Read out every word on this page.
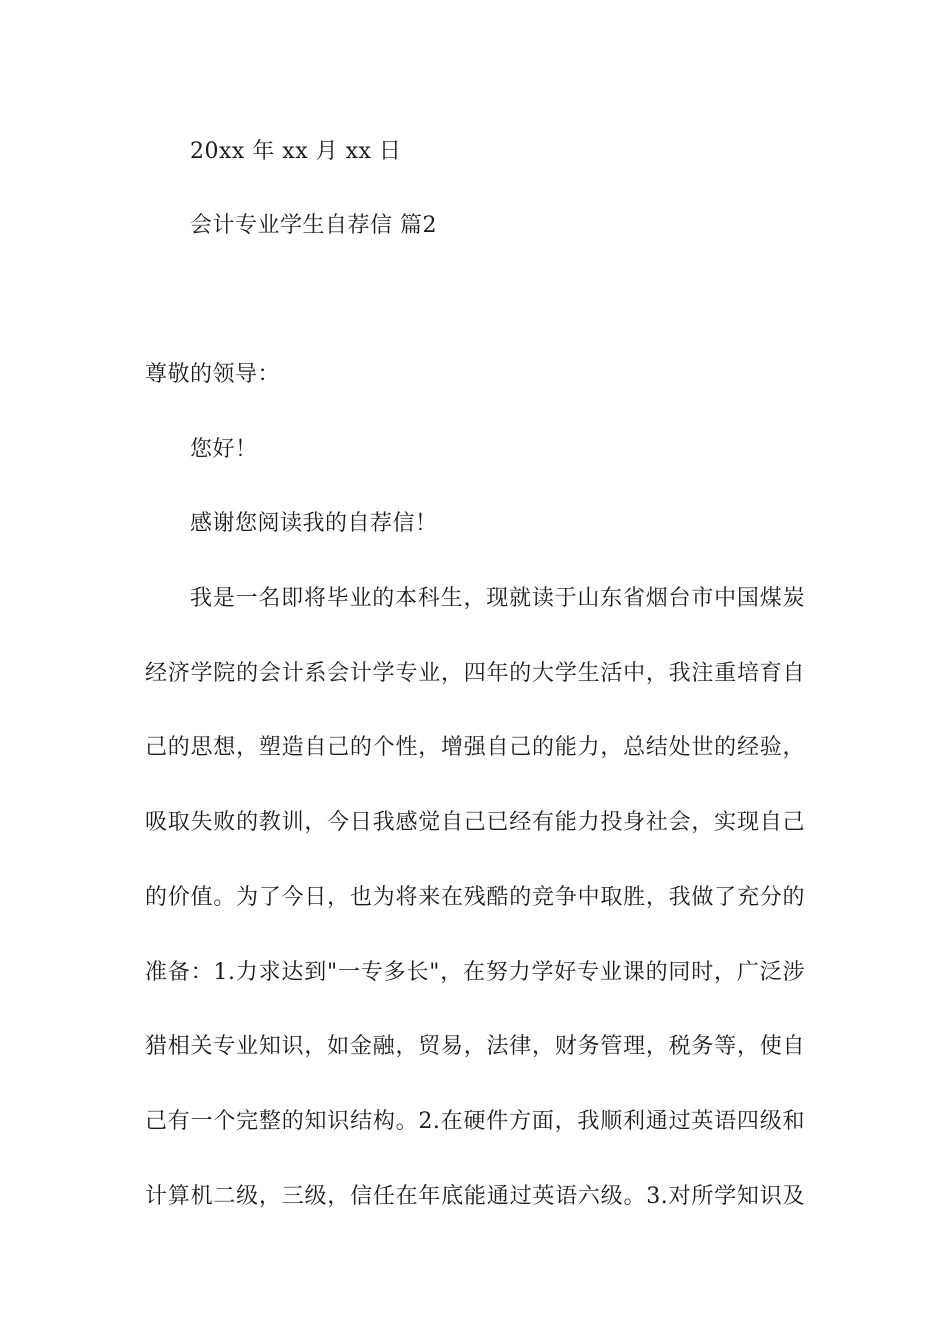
20xx 年 xx 月 xx 日
会计专业学生自荐信 篇2
尊敬的领导：
您好！
感谢您阅读我的自荐信！
我是一名即将毕业的本科生，现就读于山东省烟台市中国煤炭
经济学院的会计系会计学专业，四年的大学生活中，我注重培育自
己的思想，塑造自己的个性，增强自己的能力，总结处世的经验，
吸取失败的教训，今日我感觉自己已经有能力投身社会，实现自己
的价值。为了今日，也为将来在残酷的竞争中取胜，我做了充分的
准备：1.力求达到"一专多长"，在努力学好专业课的同时，广泛涉
猎相关专业知识，如金融，贸易，法律，财务管理，税务等，使自
己有一个完整的知识结构。2.在硬件方面，我顺利通过英语四级和
计算机二级，三级，信任在年底能通过英语六级。3.对所学知识及
